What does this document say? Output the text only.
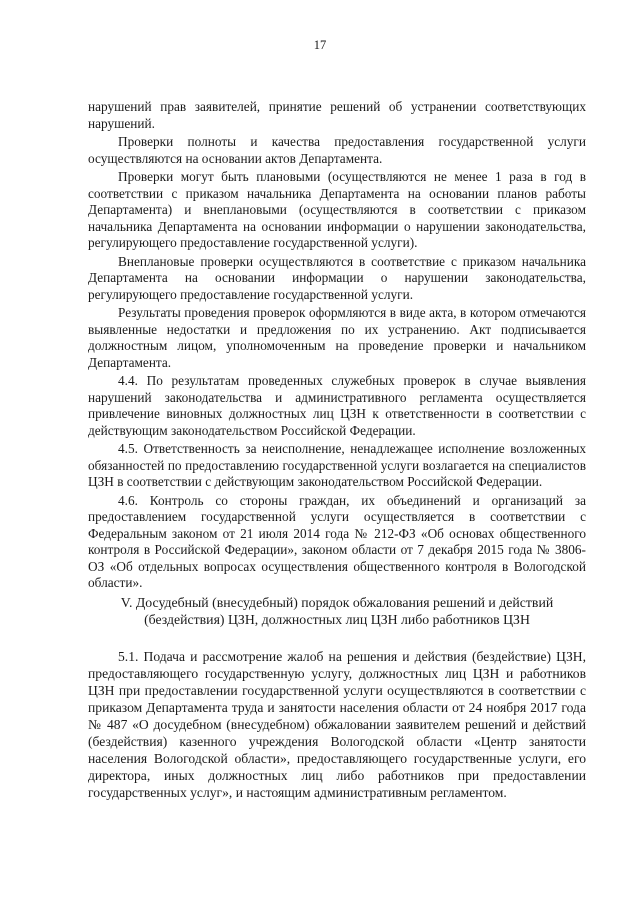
17

нарушений прав заявителей, принятие решений об устранении соответствующих нарушений.

Проверки полноты и качества предоставления государственной услуги осуществляются на основании актов Департамента.

Проверки могут быть плановыми (осуществляются не менее 1 раза в год в соответствии с приказом начальника Департамента на основании планов работы Департамента) и внеплановыми (осуществляются в соответствии с приказом начальника Департамента на основании информации о нарушении законодательства, регулирующего предоставление государственной услуги).

Внеплановые проверки осуществляются в соответствие с приказом начальника Департамента на основании информации о нарушении законодательства, регулирующего предоставление государственной услуги.

Результаты проведения проверок оформляются в виде акта, в котором отмечаются выявленные недостатки и предложения по их устранению. Акт подписывается должностным лицом, уполномоченным на проведение проверки и начальником Департамента.

4.4. По результатам проведенных служебных проверок в случае выявления нарушений законодательства и административного регламента осуществляется привлечение виновных должностных лиц ЦЗН к ответственности в соответствии с действующим законодательством Российской Федерации.

4.5. Ответственность за неисполнение, ненадлежащее исполнение возложенных обязанностей по предоставлению государственной услуги возлагается на специалистов ЦЗН в соответствии с действующим законодательством Российской Федерации.

4.6. Контроль со стороны граждан, их объединений и организаций за предоставлением государственной услуги осуществляется в соответствии с Федеральным законом от 21 июля 2014 года № 212-ФЗ «Об основах общественного контроля в Российской Федерации», законом области от 7 декабря 2015 года № 3806-ОЗ «Об отдельных вопросах осуществления общественного контроля в Вологодской области».

V. Досудебный (внесудебный) порядок обжалования решений и действий (бездействия) ЦЗН, должностных лиц ЦЗН либо работников ЦЗН

5.1. Подача и рассмотрение жалоб на решения и действия (бездействие) ЦЗН, предоставляющего государственную услугу, должностных лиц ЦЗН и работников ЦЗН при предоставлении государственной услуги осуществляются в соответствии с приказом Департамента труда и занятости населения области от 24 ноября 2017 года № 487 «О досудебном (внесудебном) обжаловании заявителем решений и действий (бездействия) казенного учреждения Вологодской области «Центр занятости населения Вологодской области», предоставляющего государственные услуги, его директора, иных должностных лиц либо работников при предоставлении государственных услуг», и настоящим административным регламентом.
